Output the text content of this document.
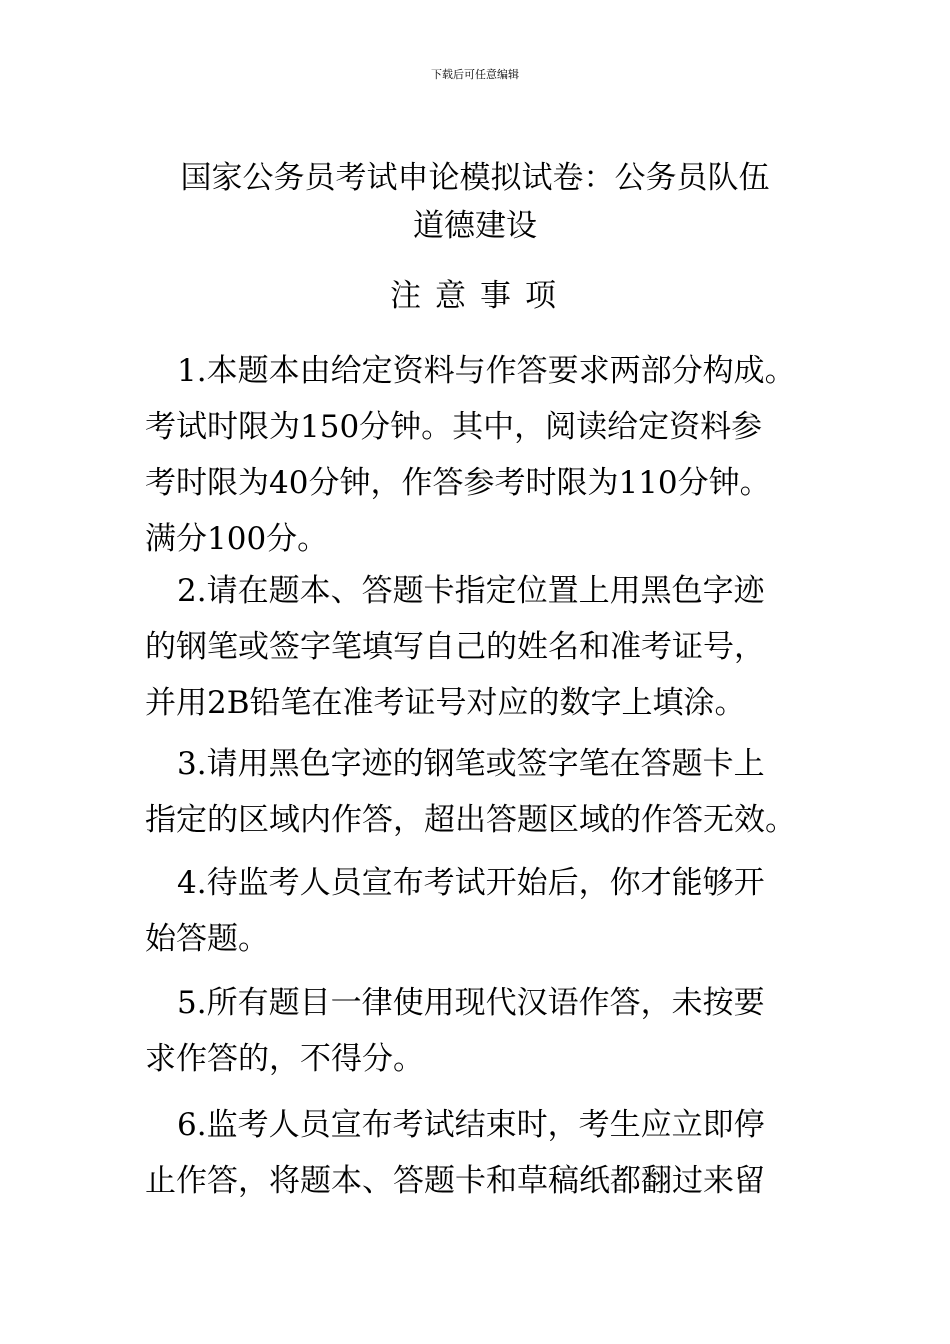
下载后可任意编辑
国家公务员考试申论模拟试卷：公务员队伍
道德建设
注意事项
1.本题本由给定资料与作答要求两部分构成。
考试时限为150分钟。其中，阅读给定资料参
考时限为40分钟，作答参考时限为110分钟。
满分100分。
2.请在题本、答题卡指定位置上用黑色字迹
的钢笔或签字笔填写自己的姓名和准考证号，
并用2B铅笔在准考证号对应的数字上填涂。
3.请用黑色字迹的钢笔或签字笔在答题卡上
指定的区域内作答，超出答题区域的作答无效。
4.待监考人员宣布考试开始后，你才能够开
始答题。
5.所有题目一律使用现代汉语作答，未按要
求作答的，不得分。
6.监考人员宣布考试结束时，考生应立即停
止作答，将题本、答题卡和草稿纸都翻过来留
